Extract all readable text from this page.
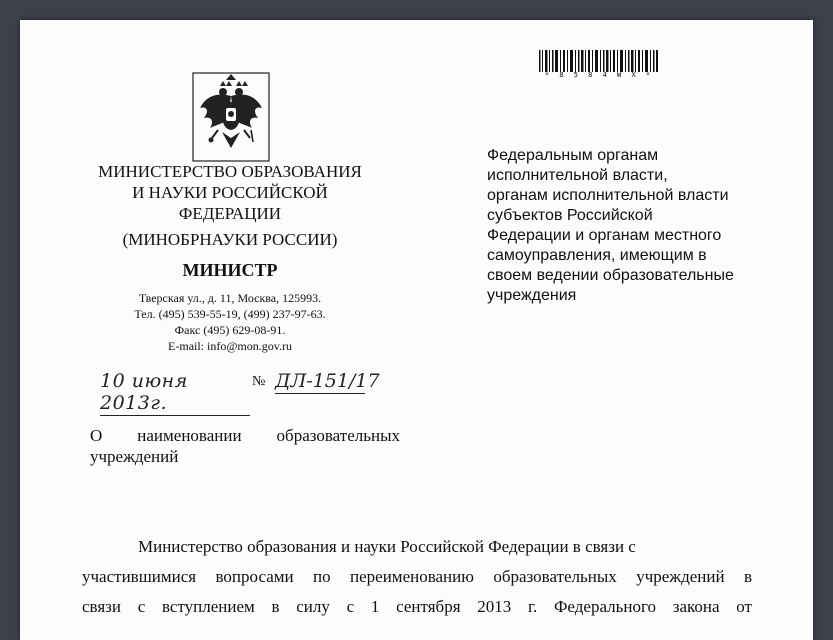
* 8 5 8 4 W X *
МИНИСТЕРСТВО ОБРАЗОВАНИЯ
И НАУКИ РОССИЙСКОЙ
ФЕДЕРАЦИИ
(МИНОБРНАУКИ РОССИИ)
МИНИСТР
Тверская ул., д. 11, Москва, 125993.
Тел. (495) 539-55-19, (499) 237-97-63.
Факс (495) 629-08-91.
E-mail: info@mon.gov.ru
10 июня 2013г.
№ ДЛ-151/17
Федеральным органам
исполнительной власти,
органам исполнительной власти
субъектов Российской
Федерации и органам местного
самоуправления, имеющим в
своем ведении образовательные
учреждения
О наименовании образовательных
учреждений
Министерство образования и науки Российской Федерации в связи с
участившимися вопросами по переименованию образовательных учреждений в
связи с вступлением в силу с 1 сентября 2013 г. Федерального закона от
